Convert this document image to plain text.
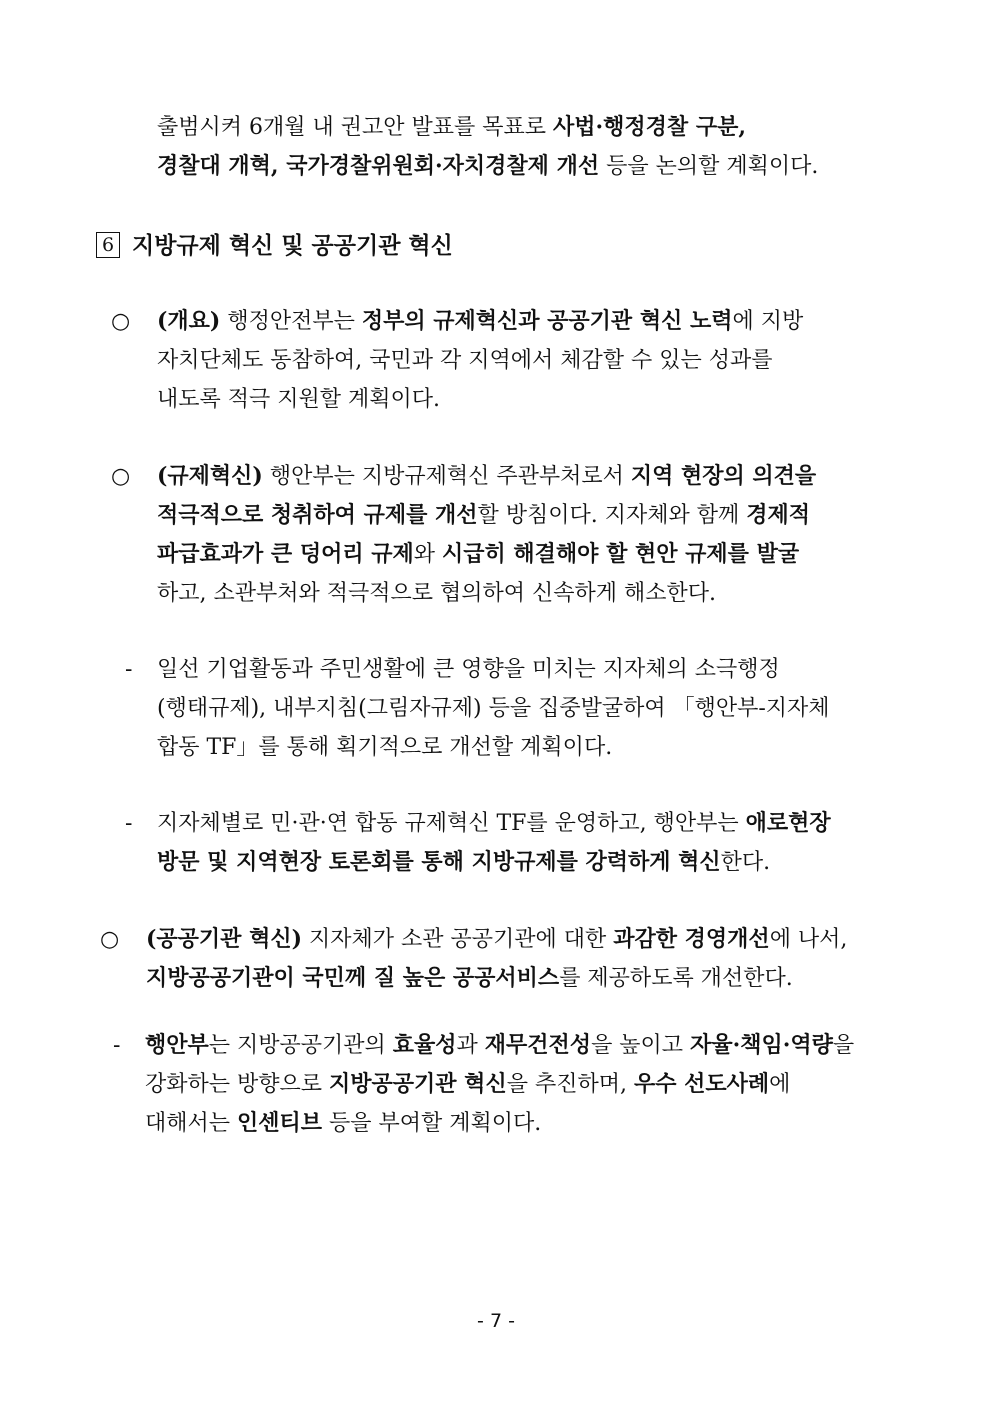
출범시켜 6개월 내 권고안 발표를 목표로 사법·행정경찰 구분,
경찰대 개혁, 국가경찰위원회·자치경찰제 개선 등을 논의할 계획이다.
6 지방규제 혁신 및 공공기관 혁신
○ (개요) 행정안전부는 정부의 규제혁신과 공공기관 혁신 노력에 지방
자치단체도 동참하여, 국민과 각 지역에서 체감할 수 있는 성과를
내도록 적극 지원할 계획이다.
○ (규제혁신) 행안부는 지방규제혁신 주관부처로서 지역 현장의 의견을
적극적으로 청취하여 규제를 개선할 방침이다. 지자체와 함께 경제적
파급효과가 큰 덩어리 규제와 시급히 해결해야 할 현안 규제를 발굴
하고, 소관부처와 적극적으로 협의하여 신속하게 해소한다.
- 일선 기업활동과 주민생활에 큰 영향을 미치는 지자체의 소극행정
(행태규제), 내부지침(그림자규제) 등을 집중발굴하여 「행안부-지자체
합동 TF」를 통해 획기적으로 개선할 계획이다.
- 지자체별로 민·관·연 합동 규제혁신 TF를 운영하고, 행안부는 애로현장
방문 및 지역현장 토론회를 통해 지방규제를 강력하게 혁신한다.
○ (공공기관 혁신) 지자체가 소관 공공기관에 대한 과감한 경영개선에 나서,
지방공공기관이 국민께 질 높은 공공서비스를 제공하도록 개선한다.
- 행안부는 지방공공기관의 효율성과 재무건전성을 높이고 자율·책임·역량을
강화하는 방향으로 지방공공기관 혁신을 추진하며, 우수 선도사례에
대해서는 인센티브 등을 부여할 계획이다.
- 7 -
